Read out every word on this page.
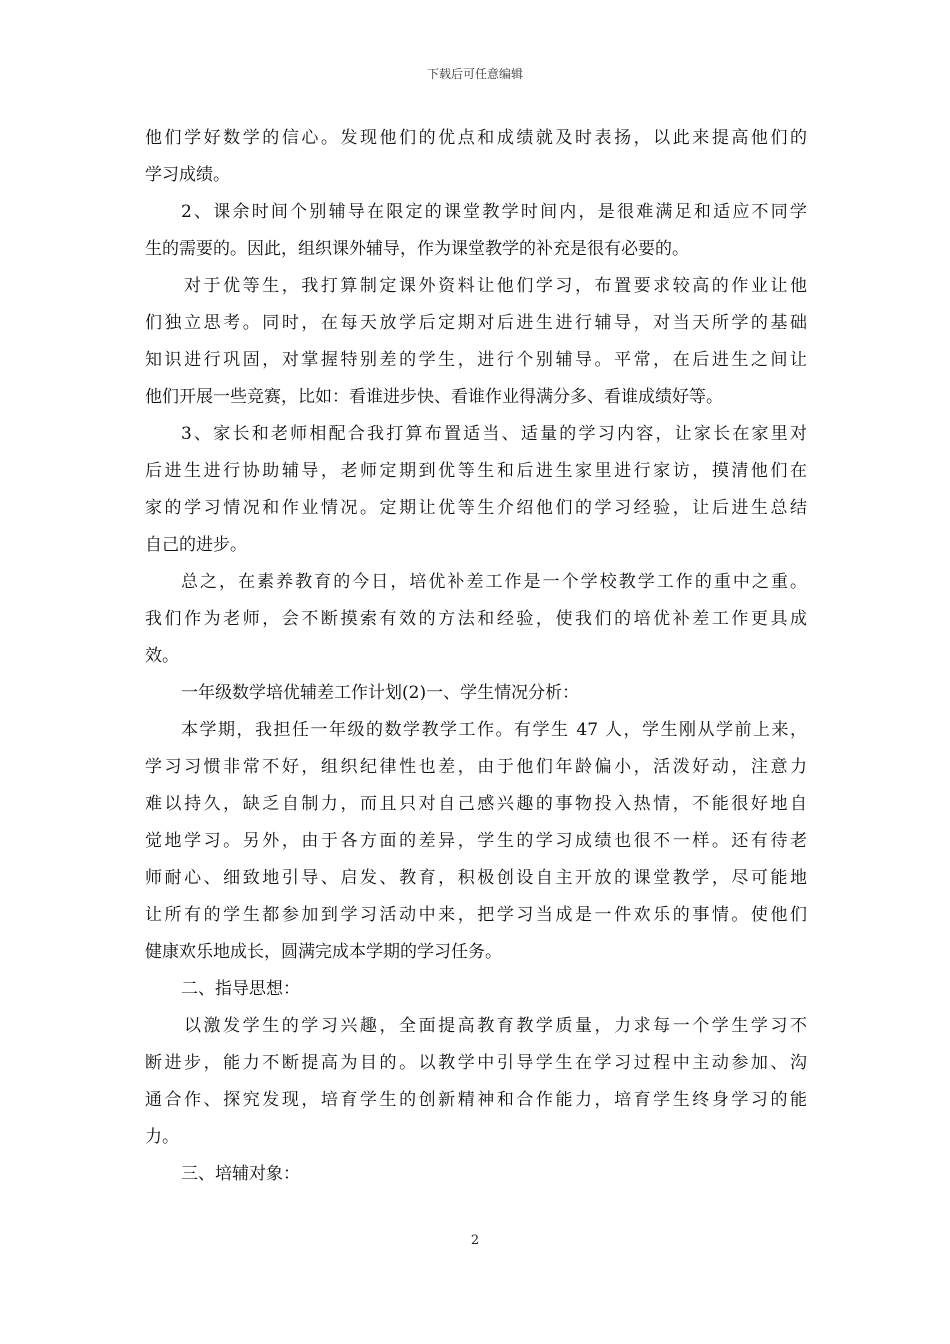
下载后可任意编辑
他们学好数学的信心。发现他们的优点和成绩就及时表扬，以此来提高他们的
学习成绩。
2、课余时间个别辅导在限定的课堂教学时间内，是很难满足和适应不同学
生的需要的。因此，组织课外辅导，作为课堂教学的补充是很有必要的。
对于优等生，我打算制定课外资料让他们学习，布置要求较高的作业让他
们独立思考。同时，在每天放学后定期对后进生进行辅导，对当天所学的基础
知识进行巩固，对掌握特别差的学生，进行个别辅导。平常，在后进生之间让
他们开展一些竞赛，比如：看谁进步快、看谁作业得满分多、看谁成绩好等。
3、家长和老师相配合我打算布置适当、适量的学习内容，让家长在家里对
后进生进行协助辅导，老师定期到优等生和后进生家里进行家访，摸清他们在
家的学习情况和作业情况。定期让优等生介绍他们的学习经验，让后进生总结
自己的进步。
总之，在素养教育的今日，培优补差工作是一个学校教学工作的重中之重。
我们作为老师，会不断摸索有效的方法和经验，使我们的培优补差工作更具成
效。
一年级数学培优辅差工作计划(2)一、学生情况分析：
本学期，我担任一年级的数学教学工作。有学生 47 人，学生刚从学前上来，
学习习惯非常不好，组织纪律性也差，由于他们年龄偏小，活泼好动，注意力
难以持久，缺乏自制力，而且只对自己感兴趣的事物投入热情，不能很好地自
觉地学习。另外，由于各方面的差异，学生的学习成绩也很不一样。还有待老
师耐心、细致地引导、启发、教育，积极创设自主开放的课堂教学，尽可能地
让所有的学生都参加到学习活动中来，把学习当成是一件欢乐的事情。使他们
健康欢乐地成长，圆满完成本学期的学习任务。
二、指导思想：
以激发学生的学习兴趣，全面提高教育教学质量，力求每一个学生学习不
断进步，能力不断提高为目的。以教学中引导学生在学习过程中主动参加、沟
通合作、探究发现，培育学生的创新精神和合作能力，培育学生终身学习的能
力。
三、培辅对象：
2
